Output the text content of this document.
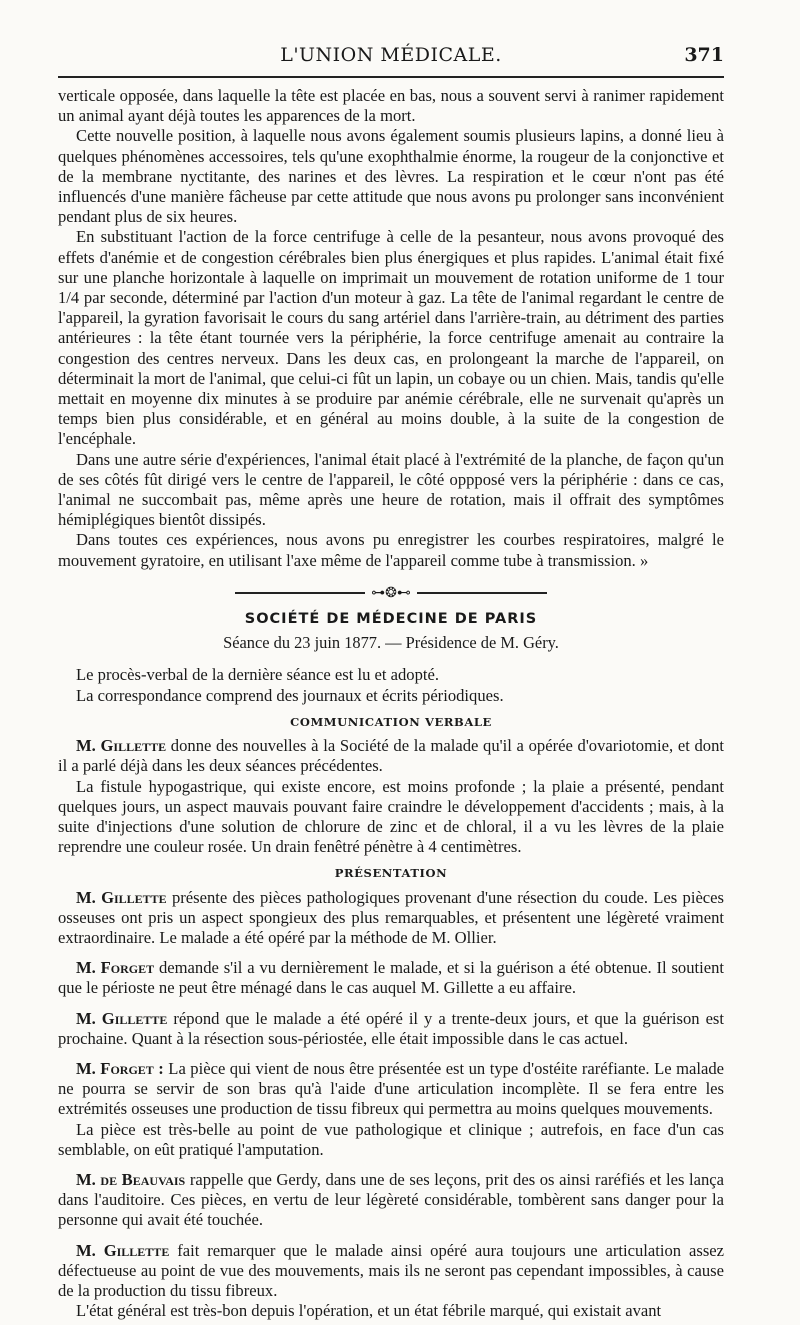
L'UNION MÉDICALE.	371

verticale opposée, dans laquelle la tête est placée en bas, nous a souvent servi à ranimer rapidement un animal ayant déjà toutes les apparences de la mort.

Cette nouvelle position, à laquelle nous avons également soumis plusieurs lapins, a donné lieu à quelques phénomènes accessoires, tels qu'une exophthalmie énorme, la rougeur de la conjonctive et de la membrane nyctitante, des narines et des lèvres. La respiration et le cœur n'ont pas été influencés d'une manière fâcheuse par cette attitude que nous avons pu prolonger sans inconvénient pendant plus de six heures.

En substituant l'action de la force centrifuge à celle de la pesanteur, nous avons provoqué des effets d'anémie et de congestion cérébrales bien plus énergiques et plus rapides. L'animal était fixé sur une planche horizontale à laquelle on imprimait un mouvement de rotation uniforme de 1 tour 1/4 par seconde, déterminé par l'action d'un moteur à gaz. La tête de l'animal regardant le centre de l'appareil, la gyration favorisait le cours du sang artériel dans l'arrière-train, au détriment des parties antérieures : la tête étant tournée vers la périphérie, la force centrifuge amenait au contraire la congestion des centres nerveux. Dans les deux cas, en prolongeant la marche de l'appareil, on déterminait la mort de l'animal, que celui-ci fût un lapin, un cobaye ou un chien. Mais, tandis qu'elle mettait en moyenne dix minutes à se produire par anémie cérébrale, elle ne survenait qu'après un temps bien plus considérable, et en général au moins double, à la suite de la congestion de l'encéphale.

Dans une autre série d'expériences, l'animal était placé à l'extrémité de la planche, de façon qu'un de ses côtés fût dirigé vers le centre de l'appareil, le côté oppposé vers la périphérie : dans ce cas, l'animal ne succombait pas, même après une heure de rotation, mais il offrait des symptômes hémiplégiques bientôt dissipés.

Dans toutes ces expériences, nous avons pu enregistrer les courbes respiratoires, malgré le mouvement gyratoire, en utilisant l'axe même de l'appareil comme tube à transmission. »

⊶❂⊷
SOCIÉTÉ DE MÉDECINE DE PARIS
Séance du 23 juin 1877. — Présidence de M. Géry.

Le procès-verbal de la dernière séance est lu et adopté.

La correspondance comprend des journaux et écrits périodiques.

COMMUNICATION VERBALE

M. Gillette donne des nouvelles à la Société de la malade qu'il a opérée d'ovariotomie, et dont il a parlé déjà dans les deux séances précédentes.

La fistule hypogastrique, qui existe encore, est moins profonde ; la plaie a présenté, pendant quelques jours, un aspect mauvais pouvant faire craindre le développement d'accidents ; mais, à la suite d'injections d'une solution de chlorure de zinc et de chloral, il a vu les lèvres de la plaie reprendre une couleur rosée. Un drain fenêtré pénètre à 4 centimètres.

PRÉSENTATION

M. Gillette présente des pièces pathologiques provenant d'une résection du coude. Les pièces osseuses ont pris un aspect spongieux des plus remarquables, et présentent une légèreté vraiment extraordinaire. Le malade a été opéré par la méthode de M. Ollier.

M. Forget demande s'il a vu dernièrement le malade, et si la guérison a été obtenue. Il soutient que le périoste ne peut être ménagé dans le cas auquel M. Gillette a eu affaire.

M. Gillette répond que le malade a été opéré il y a trente-deux jours, et que la guérison est prochaine. Quant à la résection sous-périostée, elle était impossible dans le cas actuel.

M. Forget : La pièce qui vient de nous être présentée est un type d'ostéite raréfiante. Le malade ne pourra se servir de son bras qu'à l'aide d'une articulation incomplète. Il se fera entre les extrémités osseuses une production de tissu fibreux qui permettra au moins quelques mouvements.

La pièce est très-belle au point de vue pathologique et clinique ; autrefois, en face d'un cas semblable, on eût pratiqué l'amputation.

M. de Beauvais rappelle que Gerdy, dans une de ses leçons, prit des os ainsi raréfiés et les lança dans l'auditoire. Ces pièces, en vertu de leur légèreté considérable, tombèrent sans danger pour la personne qui avait été touchée.

M. Gillette fait remarquer que le malade ainsi opéré aura toujours une articulation assez défectueuse au point de vue des mouvements, mais ils ne seront pas cependant impossibles, à cause de la production du tissu fibreux.

L'état général est très-bon depuis l'opération, et un état fébrile marqué, qui existait avant
